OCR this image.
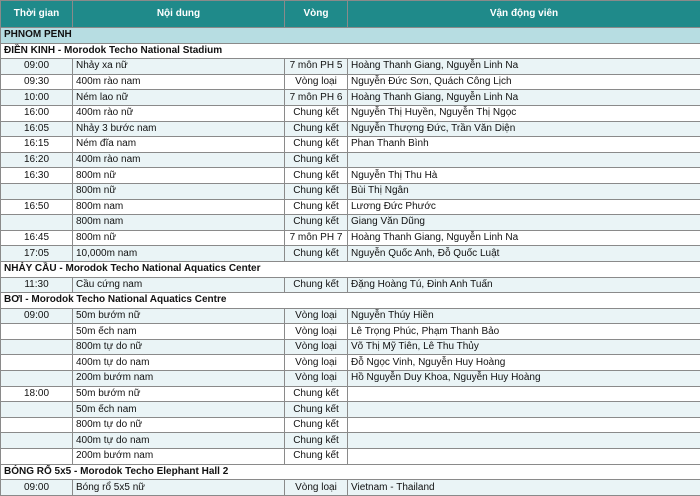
Thời gian	Nội dung	Vòng	Vận động viên
PHNOM PENH			
ĐIỀN KINH - Morodok Techo National Stadium			
09:00	Nhảy xa nữ	7 môn PH 5	Hoàng Thanh Giang, Nguyễn Linh Na
09:30	400m rào nam	Vòng loại	Nguyễn Đức Sơn, Quách Công Lịch
10:00	Ném lao nữ	7 môn PH 6	Hoàng Thanh Giang, Nguyễn Linh Na
16:00	400m rào nữ	Chung kết	Nguyễn Thị Huyền, Nguyễn Thị Ngọc
16:05	Nhảy 3 bước nam	Chung kết	Nguyễn Thượng Đức, Trần Văn Diện
16:15	Ném đĩa nam	Chung kết	Phan Thanh Bình
16:20	400m rào nam	Chung kết	
16:30	800m nữ	Chung kết	Nguyễn Thị Thu Hà
	800m nữ	Chung kết	Bùi Thị Ngân
16:50	800m nam	Chung kết	Lương Đức Phước
	800m nam	Chung kết	Giang Văn Dũng
16:45	800m nữ	7 môn PH 7	Hoàng Thanh Giang, Nguyễn Linh Na
17:05	10,000m nam	Chung kết	Nguyễn Quốc Anh, Đỗ Quốc Luật
NHẢY CẦU - Morodok Techo National Aquatics Center			
11:30	Cầu cứng nam	Chung kết	Đặng Hoàng Tú, Đinh Anh Tuấn
BƠI - Morodok Techo National Aquatics Centre			
09:00	50m bướm nữ	Vòng loại	Nguyễn Thúy Hiền
	50m ếch nam	Vòng loại	Lê Trọng Phúc, Phạm Thanh Bảo
	800m tự do nữ	Vòng loại	Võ Thị Mỹ Tiên, Lê Thu Thủy
	400m tự do nam	Vòng loại	Đỗ Ngọc Vinh, Nguyễn Huy Hoàng
	200m bướm nam	Vòng loại	Hồ Nguyễn Duy Khoa, Nguyễn Huy Hoàng
18:00	50m bướm nữ	Chung kết	
	50m ếch nam	Chung kết	
	800m tự do nữ	Chung kết	
	400m tự do nam	Chung kết	
	200m bướm nam	Chung kết	
BÓNG RỔ 5x5 - Morodok Techo Elephant Hall 2			
09:00	Bóng rổ 5x5 nữ	Vòng loại	Vietnam - Thailand
